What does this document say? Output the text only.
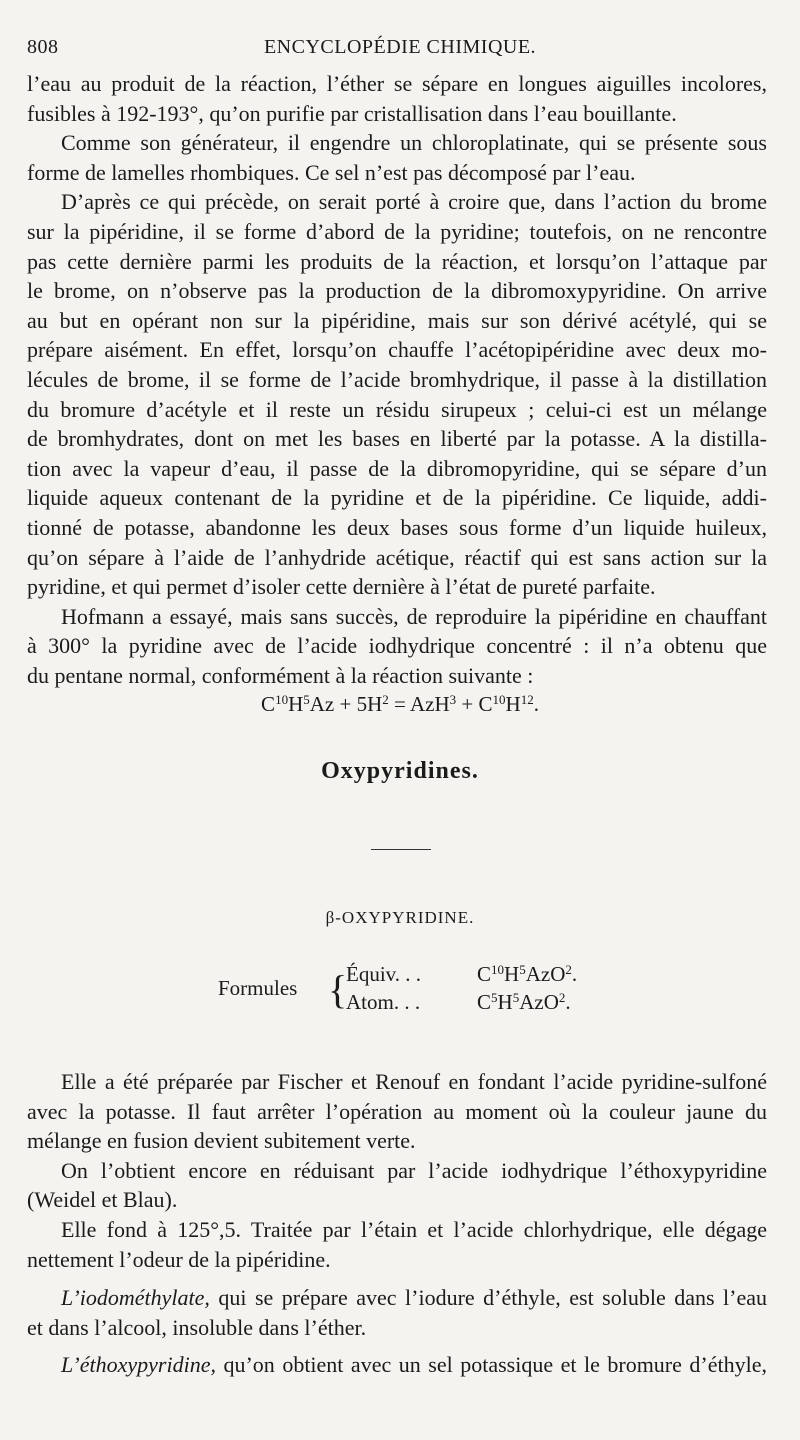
808	ENCYCLOPÉDIE CHIMIQUE.
l’eau au produit de la réaction, l’éther se sépare en longues aiguilles incolores,
fusibles à 192-193°, qu’on purifie par cristallisation dans l’eau bouillante.
Comme son générateur, il engendre un chloroplatinate, qui se présente sous
forme de lamelles rhombiques. Ce sel n’est pas décomposé par l’eau.
D’après ce qui précède, on serait porté à croire que, dans l’action du brome
sur la pipéridine, il se forme d’abord de la pyridine; toutefois, on ne rencontre
pas cette dernière parmi les produits de la réaction, et lorsqu’on l’attaque par
le brome, on n’observe pas la production de la dibromoxypyridine. On arrive
au but en opérant non sur la pipéridine, mais sur son dérivé acétylé, qui se
prépare aisément. En effet, lorsqu’on chauffe l’acétopipéridine avec deux mo-
lécules de brome, il se forme de l’acide bromhydrique, il passe à la distillation
du bromure d’acétyle et il reste un résidu sirupeux ; celui-ci est un mélange
de bromhydrates, dont on met les bases en liberté par la potasse. A la distilla-
tion avec la vapeur d’eau, il passe de la dibromopyridine, qui se sépare d’un
liquide aqueux contenant de la pyridine et de la pipéridine. Ce liquide, addi-
tionné de potasse, abandonne les deux bases sous forme d’un liquide huileux,
qu’on sépare à l’aide de l’anhydride acétique, réactif qui est sans action sur la
pyridine, et qui permet d’isoler cette dernière à l’état de pureté parfaite.
Hofmann a essayé, mais sans succès, de reproduire la pipéridine en chauffant
à 300° la pyridine avec de l’acide iodhydrique concentré : il n’a obtenu que
du pentane normal, conformément à la réaction suivante :
$C^{10}H^5Az + 5H^2 = AzH^3 + C^{10}H^{12}$.
Oxypyridines.
β-OXYPYRIDINE.
Formules {
Équiv. . .
Atom. . .
$C^{10}H^5AzO^2$.
$C^5H^5AzO^2$.
Elle a été préparée par Fischer et Renouf en fondant l’acide pyridine-sulfoné
avec la potasse. Il faut arrêter l’opération au moment où la couleur jaune du
mélange en fusion devient subitement verte.
On l’obtient encore en réduisant par l’acide iodhydrique l’éthoxypyridine
(Weidel et Blau).
Elle fond à 125°,5. Traitée par l’étain et l’acide chlorhydrique, elle dégage
nettement l’odeur de la pipéridine.
L’iodométhylate, qui se prépare avec l’iodure d’éthyle, est soluble dans l’eau
et dans l’alcool, insoluble dans l’éther.
L’éthoxypyridine, qu’on obtient avec un sel potassique et le bromure d’éthyle,
